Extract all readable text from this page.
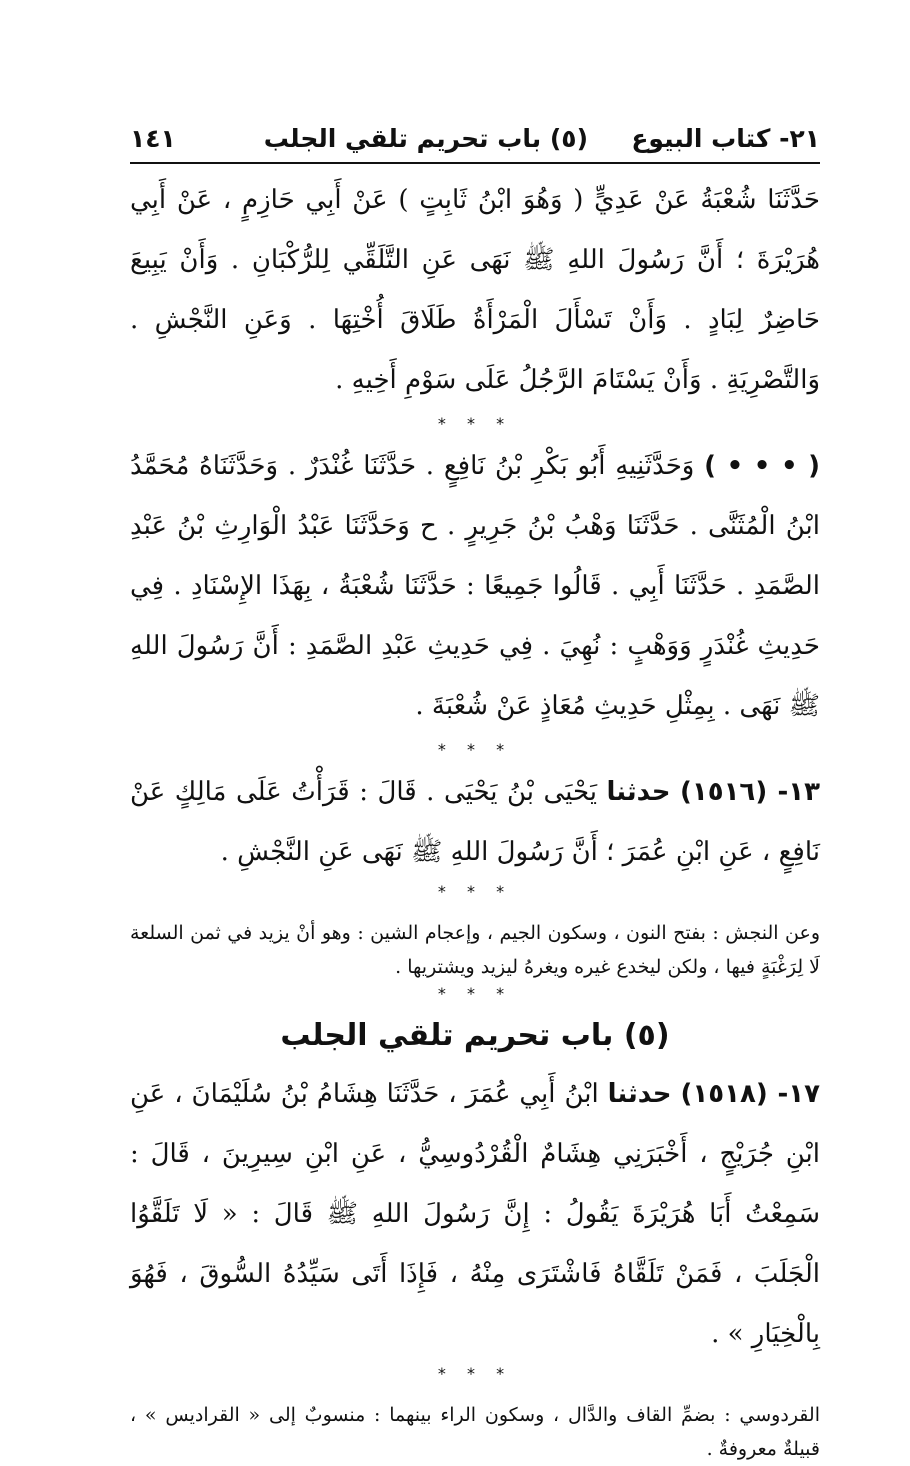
٢١- كتاب البيوع
(٥) باب تحريم تلقي الجلب
١٤١

حَدَّثَنَا شُعْبَةُ عَنْ عَدِيٍّ ( وَهُوَ ابْنُ ثَابِتٍ ) عَنْ أَبِي حَازِمٍ ، عَنْ أَبِي هُرَيْرَةَ ؛ أَنَّ رَسُولَ اللهِ ﷺ نَهَى عَنِ التَّلَقِّي لِلرُّكْبَانِ . وَأَنْ يَبِيعَ حَاضِرٌ لِبَادٍ . وَأَنْ تَسْأَلَ الْمَرْأَةُ طَلَاقَ أُخْتِهَا . وَعَنِ النَّجْشِ . وَالتَّصْرِيَةِ . وَأَنْ يَسْتَامَ الرَّجُلُ عَلَى سَوْمِ أَخِيهِ .

* * *

( • • • ) وَحَدَّثَنِيهِ أَبُو بَكْرِ بْنُ نَافِعٍ . حَدَّثَنَا غُنْدَرٌ . وَحَدَّثَنَاهُ مُحَمَّدُ ابْنُ الْمُثَنَّى . حَدَّثَنَا وَهْبُ بْنُ جَرِيرٍ . ح وَحَدَّثَنَا عَبْدُ الْوَارِثِ بْنُ عَبْدِ الصَّمَدِ . حَدَّثَنَا أَبِي . قَالُوا جَمِيعًا : حَدَّثَنَا شُعْبَةُ ، بِهَذَا الإِسْنَادِ . فِي حَدِيثِ غُنْدَرٍ وَوَهْبٍ : نُهِيَ . فِي حَدِيثِ عَبْدِ الصَّمَدِ : أَنَّ رَسُولَ اللهِ ﷺ نَهَى . بِمِثْلِ حَدِيثِ مُعَاذٍ عَنْ شُعْبَةَ .

* * *

١٣- (١٥١٦) حدثنا يَحْيَى بْنُ يَحْيَى . قَالَ : قَرَأْتُ عَلَى مَالِكٍ عَنْ نَافِعٍ ، عَنِ ابْنِ عُمَرَ ؛ أَنَّ رَسُولَ اللهِ ﷺ نَهَى عَنِ النَّجْشِ .

* * *

وعن النجش : بفتح النون ، وسكون الجيم ، وإعجام الشين : وهو أنْ يزيد في ثمن السلعة لَا لِرَغْبَةٍ فيها ، ولكن ليخدع غيره ويغرهُ ليزيد ويشتريها .

* * *

(٥) باب تحريم تلقي الجلب

١٧- (١٥١٨) حدثنا ابْنُ أَبِي عُمَرَ ، حَدَّثَنَا هِشَامُ بْنُ سُلَيْمَانَ ، عَنِ ابْنِ جُرَيْجٍ ، أَخْبَرَنِي هِشَامٌ الْقُرْدُوسِيُّ ، عَنِ ابْنِ سِيرِينَ ، قَالَ : سَمِعْتُ أَبَا هُرَيْرَةَ يَقُولُ : إِنَّ رَسُولَ اللهِ ﷺ قَالَ : « لَا تَلَقَّوُا الْجَلَبَ ، فَمَنْ تَلَقَّاهُ فَاشْتَرَى مِنْهُ ، فَإِذَا أَتَى سَيِّدُهُ السُّوقَ ، فَهُوَ بِالْخِيَارِ » .

* * *

القردوسي : بضمِّ القاف والدَّال ، وسكون الراء بينهما : منسوبٌ إلى « القراديس » ، قبيلةٌ معروفةٌ .
